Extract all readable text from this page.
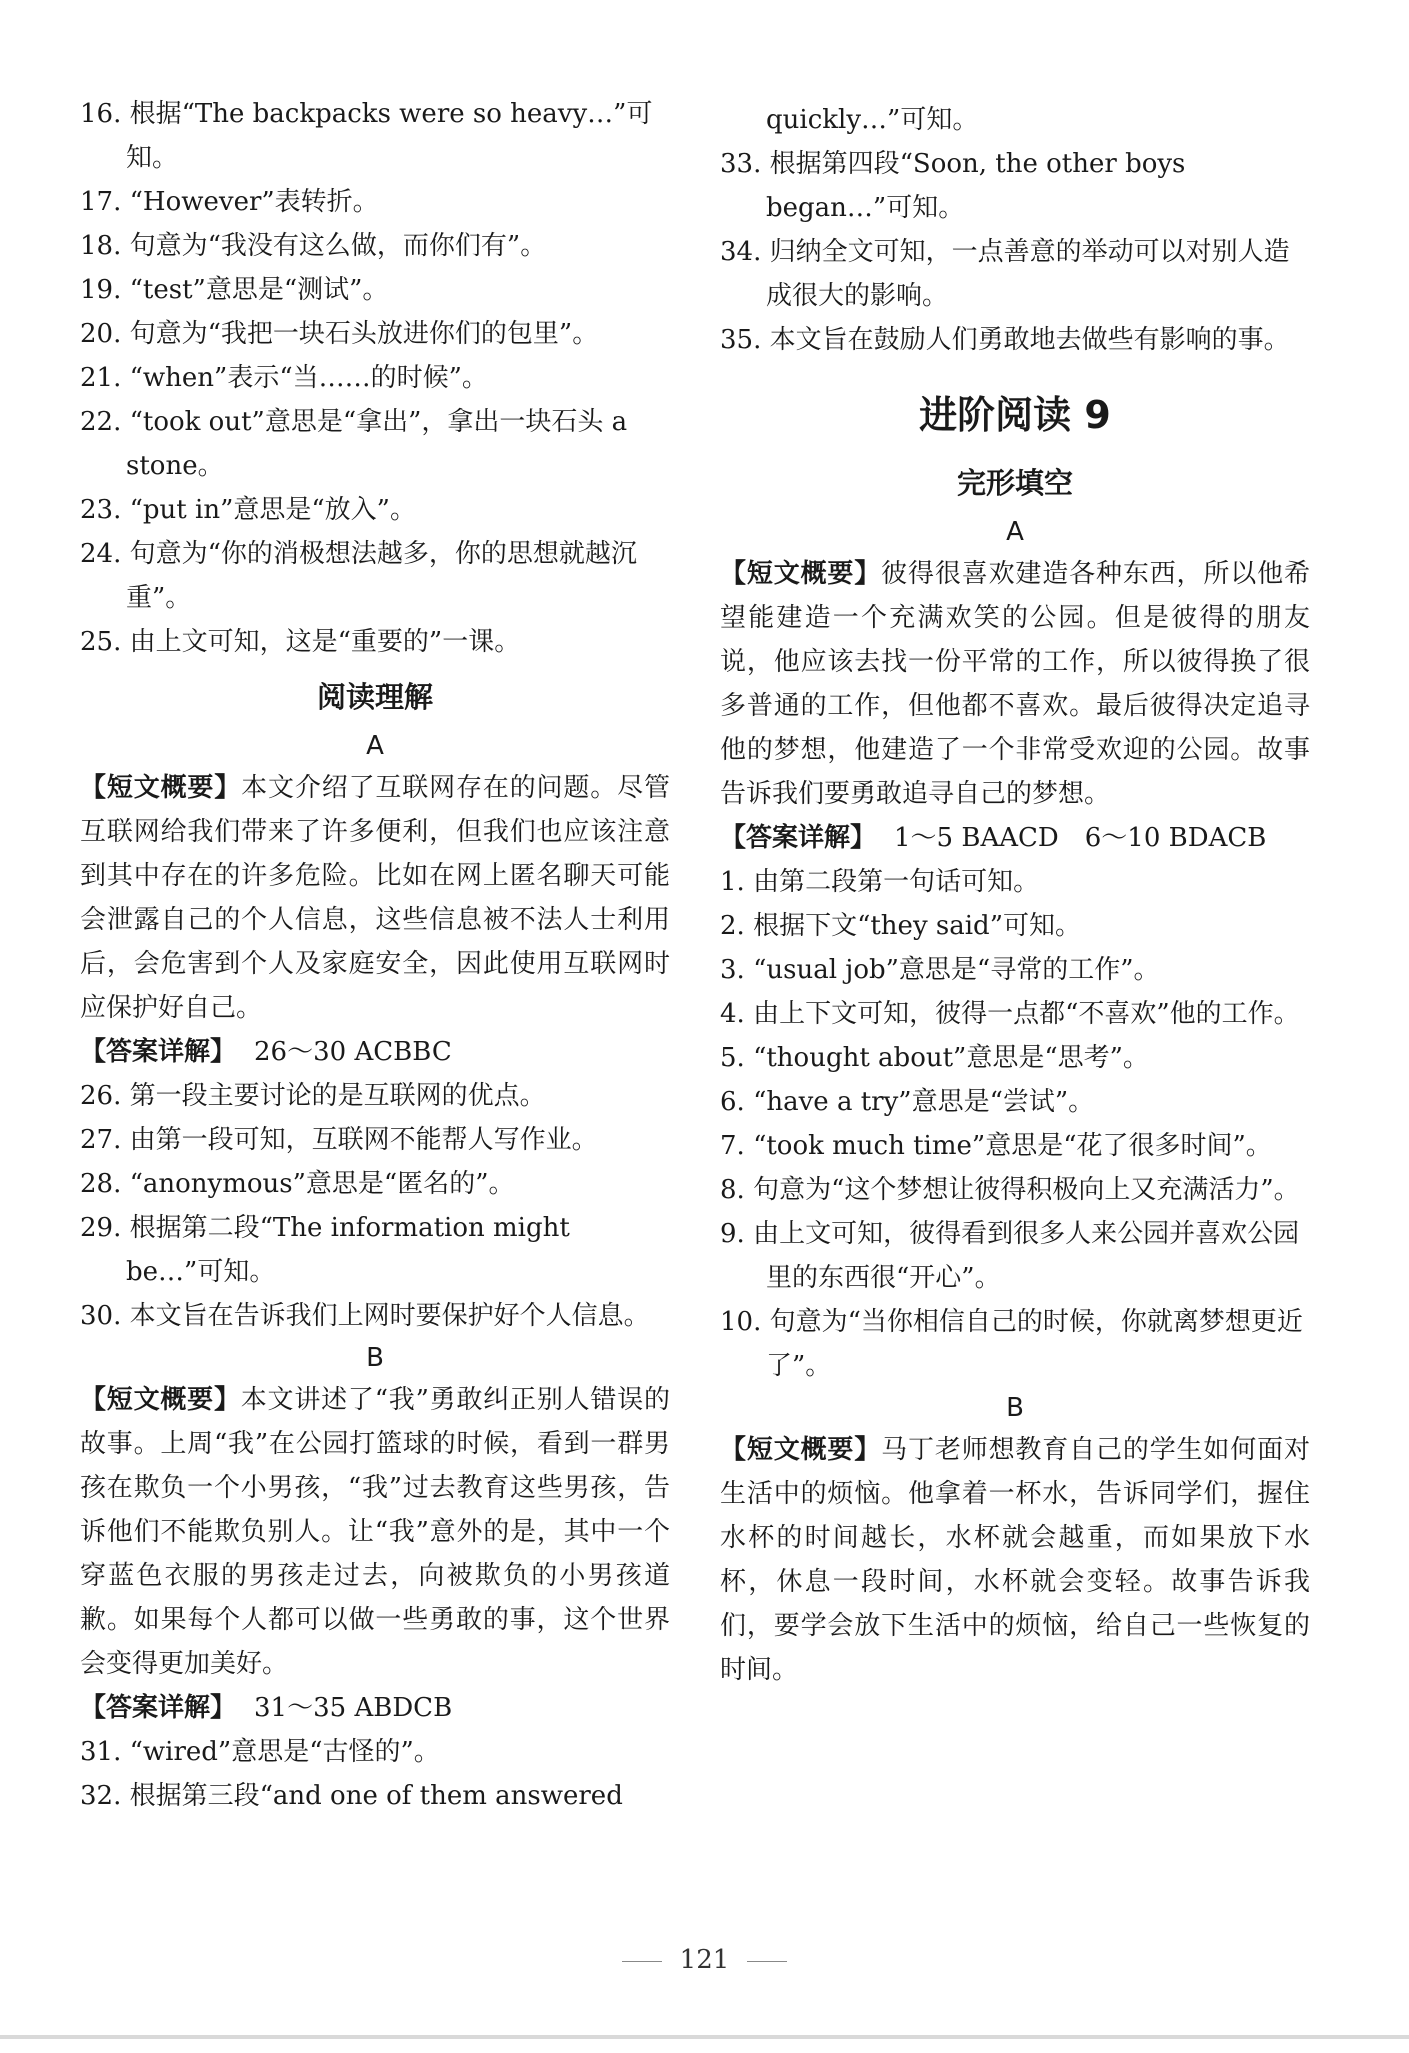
16. 根据“The backpacks were so heavy…”可知。

17. “However”表转折。

18. 句意为“我没有这么做，而你们有”。

19. “test”意思是“测试”。

20. 句意为“我把一块石头放进你们的包里”。

21. “when”表示“当……的时候”。

22. “took out”意思是“拿出”，拿出一块石头 a stone。

23. “put in”意思是“放入”。

24. 句意为“你的消极想法越多，你的思想就越沉重”。

25. 由上文可知，这是“重要的”一课。

阅读理解
A

【短文概要】本文介绍了互联网存在的问题。尽管互联网给我们带来了许多便利，但我们也应该注意到其中存在的许多危险。比如在网上匿名聊天可能会泄露自己的个人信息，这些信息被不法人士利用后，会危害到个人及家庭安全，因此使用互联网时应保护好自己。

【答案详解】 26～30 ACBBC

26. 第一段主要讨论的是互联网的优点。

27. 由第一段可知，互联网不能帮人写作业。

28. “anonymous”意思是“匿名的”。

29. 根据第二段“The information might be…”可知。

30. 本文旨在告诉我们上网时要保护好个人信息。

B

【短文概要】本文讲述了“我”勇敢纠正别人错误的故事。上周“我”在公园打篮球的时候，看到一群男孩在欺负一个小男孩，“我”过去教育这些男孩，告诉他们不能欺负别人。让“我”意外的是，其中一个穿蓝色衣服的男孩走过去，向被欺负的小男孩道歉。如果每个人都可以做一些勇敢的事，这个世界会变得更加美好。

【答案详解】 31～35 ABDCB

31. “wired”意思是“古怪的”。

32. 根据第三段“and one of them answered

quickly…”可知。

33. 根据第四段“Soon, the other boys began…”可知。

34. 归纳全文可知，一点善意的举动可以对别人造成很大的影响。

35. 本文旨在鼓励人们勇敢地去做些有影响的事。

进阶阅读 9
完形填空
A

【短文概要】彼得很喜欢建造各种东西，所以他希望能建造一个充满欢笑的公园。但是彼得的朋友说，他应该去找一份平常的工作，所以彼得换了很多普通的工作，但他都不喜欢。最后彼得决定追寻他的梦想，他建造了一个非常受欢迎的公园。故事告诉我们要勇敢追寻自己的梦想。

【答案详解】 1～5 BAACD　6～10 BDACB

1. 由第二段第一句话可知。

2. 根据下文“they said”可知。

3. “usual job”意思是“寻常的工作”。

4. 由上下文可知，彼得一点都“不喜欢”他的工作。

5. “thought about”意思是“思考”。

6. “have a try”意思是“尝试”。

7. “took much time”意思是“花了很多时间”。

8. 句意为“这个梦想让彼得积极向上又充满活力”。

9. 由上文可知，彼得看到很多人来公园并喜欢公园里的东西很“开心”。

10. 句意为“当你相信自己的时候，你就离梦想更近了”。

B

【短文概要】马丁老师想教育自己的学生如何面对生活中的烦恼。他拿着一杯水，告诉同学们，握住水杯的时间越长，水杯就会越重，而如果放下水杯，休息一段时间，水杯就会变轻。故事告诉我们，要学会放下生活中的烦恼，给自己一些恢复的时间。

121
